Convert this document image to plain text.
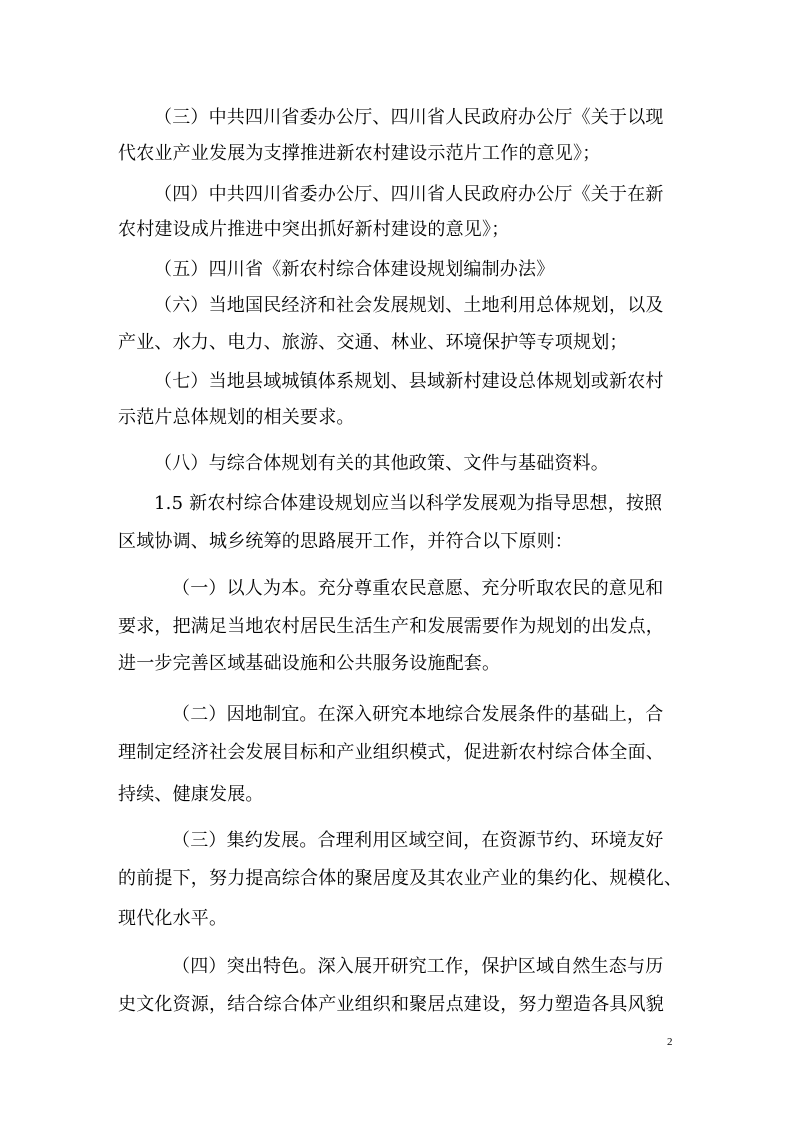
（三）中共四川省委办公厅、四川省人民政府办公厅《关于以现
代农业产业发展为支撑推进新农村建设示范片工作的意见》；
（四）中共四川省委办公厅、四川省人民政府办公厅《关于在新
农村建设成片推进中突出抓好新村建设的意见》；
（五）四川省《新农村综合体建设规划编制办法》
（六）当地国民经济和社会发展规划、土地利用总体规划，以及
产业、水力、电力、旅游、交通、林业、环境保护等专项规划；
（七）当地县域城镇体系规划、县域新村建设总体规划或新农村
示范片总体规划的相关要求。
（八）与综合体规划有关的其他政策、文件与基础资料。
1.5 新农村综合体建设规划应当以科学发展观为指导思想，按照
区域协调、城乡统筹的思路展开工作，并符合以下原则：
（一）以人为本。充分尊重农民意愿、充分听取农民的意见和
要求，把满足当地农村居民生活生产和发展需要作为规划的出发点，
进一步完善区域基础设施和公共服务设施配套。
（二）因地制宜。在深入研究本地综合发展条件的基础上，合
理制定经济社会发展目标和产业组织模式，促进新农村综合体全面、
持续、健康发展。
（三）集约发展。合理利用区域空间，在资源节约、环境友好
的前提下，努力提高综合体的聚居度及其农业产业的集约化、规模化、
现代化水平。
（四）突出特色。深入展开研究工作，保护区域自然生态与历
史文化资源，结合综合体产业组织和聚居点建设，努力塑造各具风貌
2
